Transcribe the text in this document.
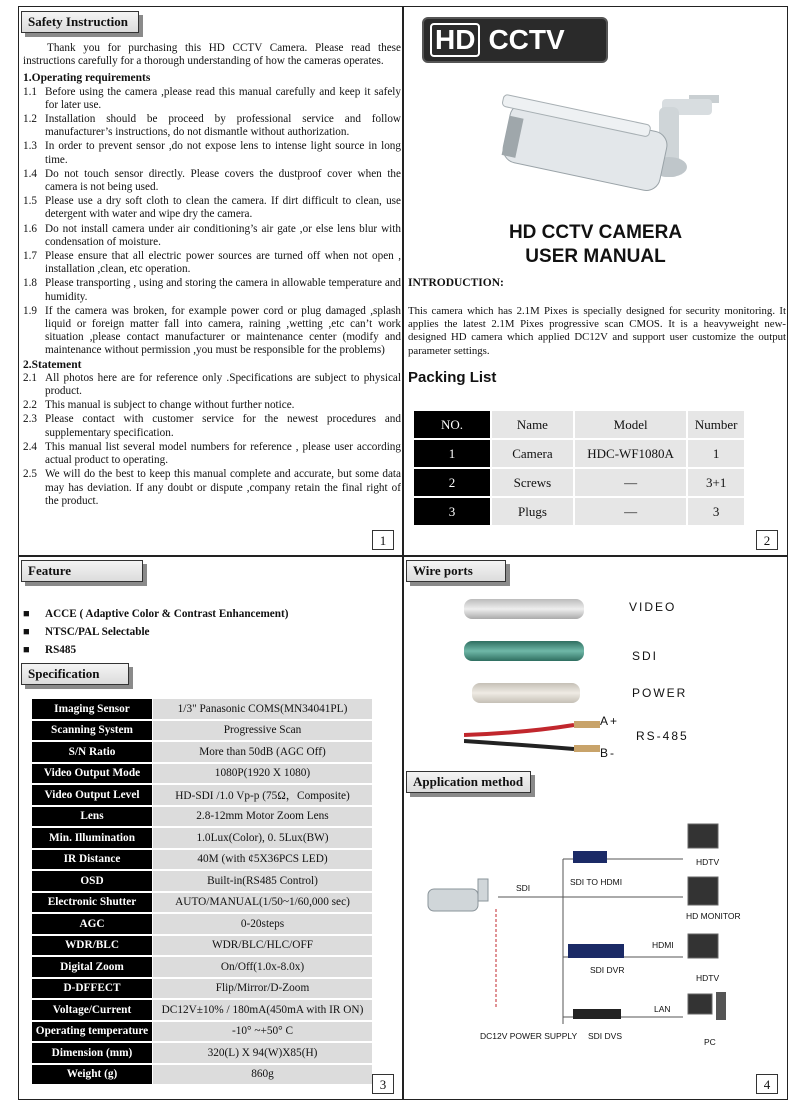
Safety Instruction
Thank you for purchasing this HD CCTV Camera. Please read these instructions carefully for a thorough understanding of how the cameras operates.
1.Operating requirements
1.1 Before using the camera ,please read this manual carefully and keep it safely for later use.
1.2 Installation should be proceed by professional service and follow manufacturer’s instructions, do not dismantle without authorization.
1.3 In order to prevent sensor ,do not expose lens to intense light source in long time.
1.4 Do not touch sensor directly. Please covers the dustproof cover when the camera is not being used.
1.5 Please use a dry soft cloth to clean the camera. If dirt difficult to clean, use detergent with water and wipe dry the camera.
1.6 Do not install camera under air conditioning’s air gate ,or else lens blur with condensation of moisture.
1.7 Please ensure that all electric power sources are turned off when not open , installation ,clean, etc operation.
1.8 Please transporting , using and storing the camera in allowable temperature and humidity.
1.9 If the camera was broken, for example power cord or plug damaged ,splash liquid or foreign matter fall into camera, raining ,wetting ,etc can’t work situation ,please contact manufacturer or maintenance center (modify and maintenance without permission ,you must be responsible for the problems)
2.Statement
2.1 All photos here are for reference only .Specifications are subject to physical product.
2.2 This manual is subject to change without further notice.
2.3 Please contact with customer service for the newest procedures and supplementary specification.
2.4 This manual list several model numbers for reference , please user according actual product to operating.
2.5 We will do the best to keep this manual complete and accurate, but some data may has deviation. If any doubt or dispute ,company retain the final right of the product.
1
HD CCTV
HD CCTV CAMERA
USER MANUAL
INTRODUCTION:
This camera which has 2.1M Pixes is specially designed for security monitoring. It applies the latest 2.1M Pixes progressive scan CMOS. It is a heavyweight new-designed HD camera which applied DC12V and support user customize the output parameter settings.
Packing List
NO.	Name	Model	Number
1	Camera	HDC-WF1080A	1
2	Screws	—	3+1
3	Plugs	—	3
2
Feature
■ ACCE ( Adaptive Color & Contrast Enhancement)
■ NTSC/PAL Selectable
■ RS485
Specification
Imaging Sensor	1/3" Panasonic COMS(MN34041PL)
Scanning System	Progressive Scan
S/N Ratio	More than 50dB (AGC Off)
Video Output Mode	1080P(1920 X 1080)
Video Output Level	HD-SDI /1.0 Vp-p (75Ω，Composite)
Lens	2.8-12mm Motor Zoom Lens
Min. Illumination	1.0Lux(Color), 0. 5Lux(BW)
IR Distance	40M (with ¢5X36PCS LED)
OSD	Built-in(RS485 Control)
Electronic Shutter	AUTO/MANUAL(1/50~1/60,000 sec)
AGC	0-20steps
WDR/BLC	WDR/BLC/HLC/OFF
Digital Zoom	On/Off(1.0x-8.0x)
D-DFFECT	Flip/Mirror/D-Zoom
Voltage/Current	DC12V±10% / 180mA(450mA with IR ON)
Operating temperature	-10° ~+50° C
Dimension (mm)	320(L) X 94(W)X85(H)
Weight (g)	860g
3
Wire ports
VIDEO
SDI
POWER
A+
RS-485
B-
Application method
SDI
SDI TO HDMI
HDTV
HD MONITOR
HDMI
SDI DVR
HDTV
LAN
DC12V POWER SUPPLY SDI DVS
PC
4
